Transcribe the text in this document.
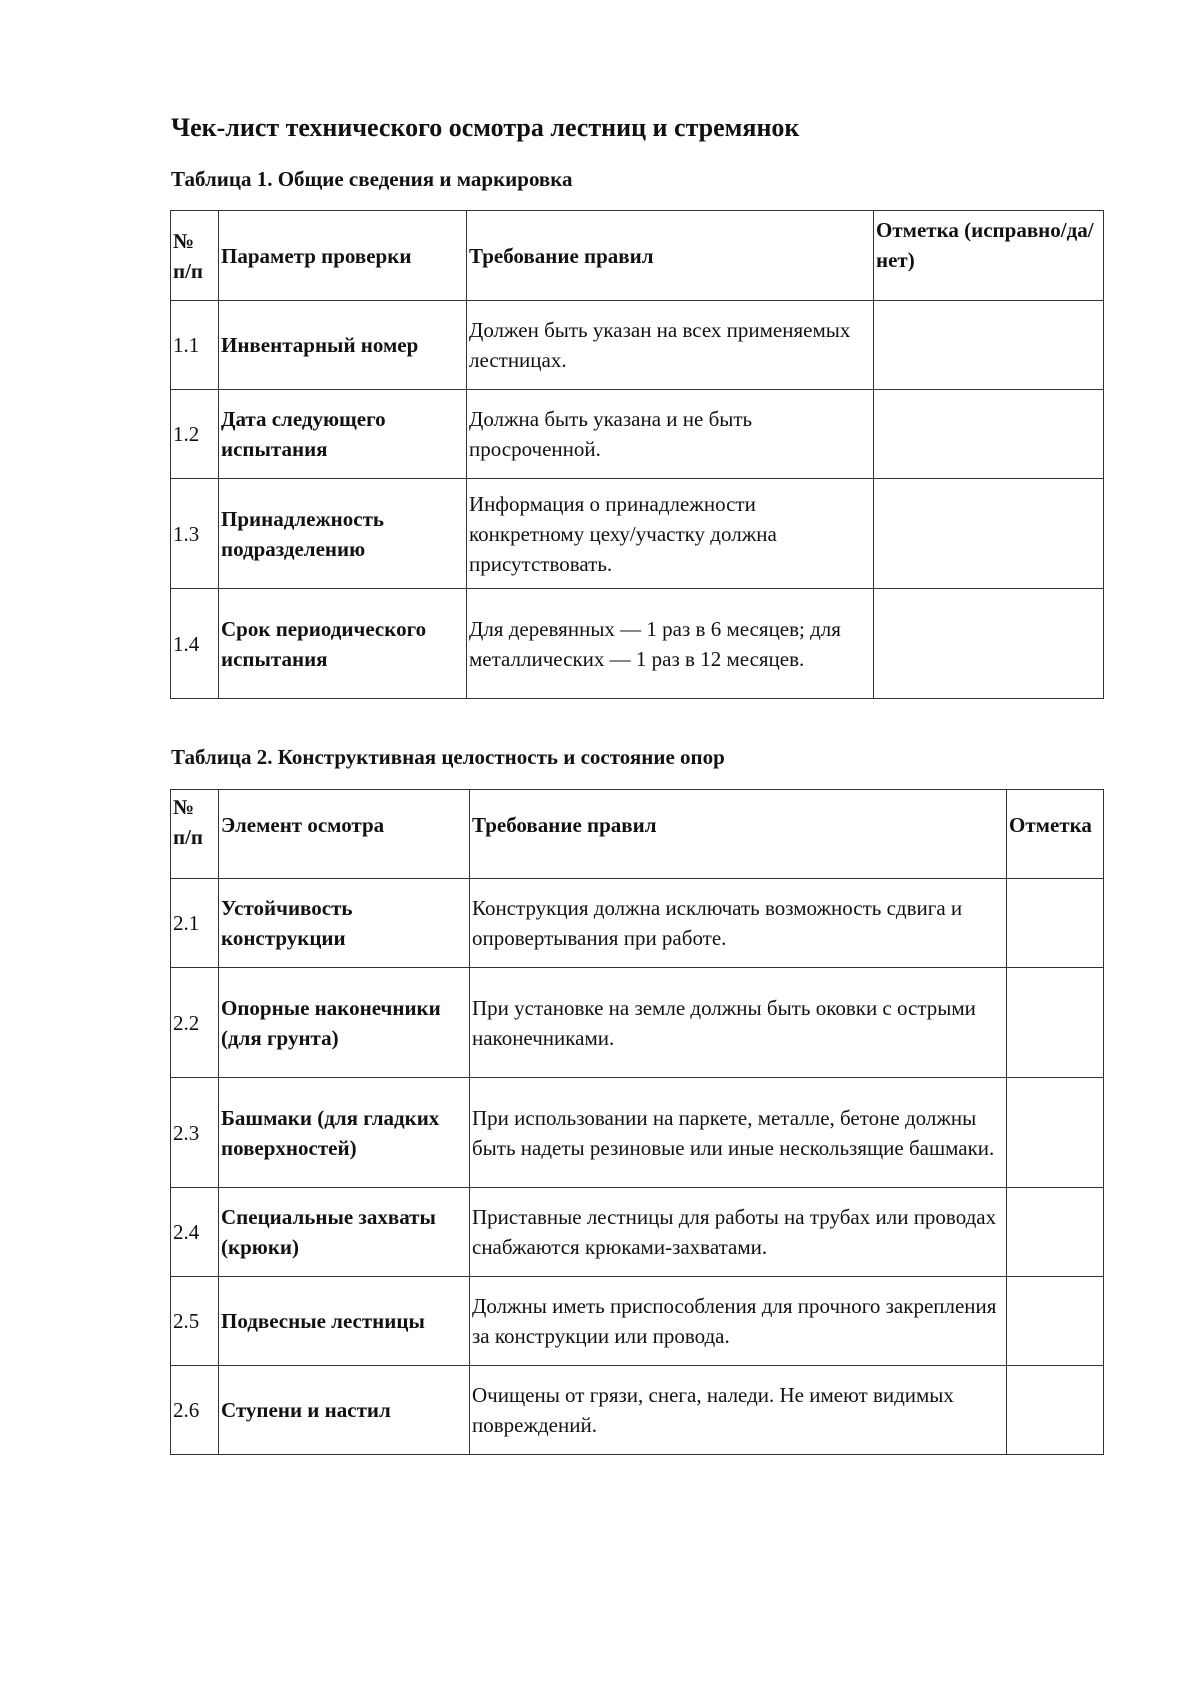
Чек-лист технического осмотра лестниц и стремянок
Таблица 1. Общие сведения и маркировка
№ п/п	Параметр проверки	Требование правил	Отметка (исправно/да/нет)
1.1	Инвентарный номер	Должен быть указан на всех применяемых лестницах.	
1.2	Дата следующего испытания	Должна быть указана и не быть просроченной.	
1.3	Принадлежность подразделению	Информация о принадлежности конкретному цеху/участку должна присутствовать.	
1.4	Срок периодического испытания	Для деревянных — 1 раз в 6 месяцев; для металлических — 1 раз в 12 месяцев.	
Таблица 2. Конструктивная целостность и состояние опор
№ п/п	Элемент осмотра	Требование правил	Отметка
2.1	Устойчивость конструкции	Конструкция должна исключать возможность сдвига и опровертывания при работе.	
2.2	Опорные наконечники (для грунта)	При установке на земле должны быть оковки с острыми наконечниками.	
2.3	Башмаки (для гладких поверхностей)	При использовании на паркете, металле, бетоне должны быть надеты резиновые или иные нескользящие башмаки.	
2.4	Специальные захваты (крюки)	Приставные лестницы для работы на трубах или проводах снабжаются крюками-захватами.	
2.5	Подвесные лестницы	Должны иметь приспособления для прочного закрепления за конструкции или провода.	
2.6	Ступени и настил	Очищены от грязи, снега, наледи. Не имеют видимых повреждений.	
